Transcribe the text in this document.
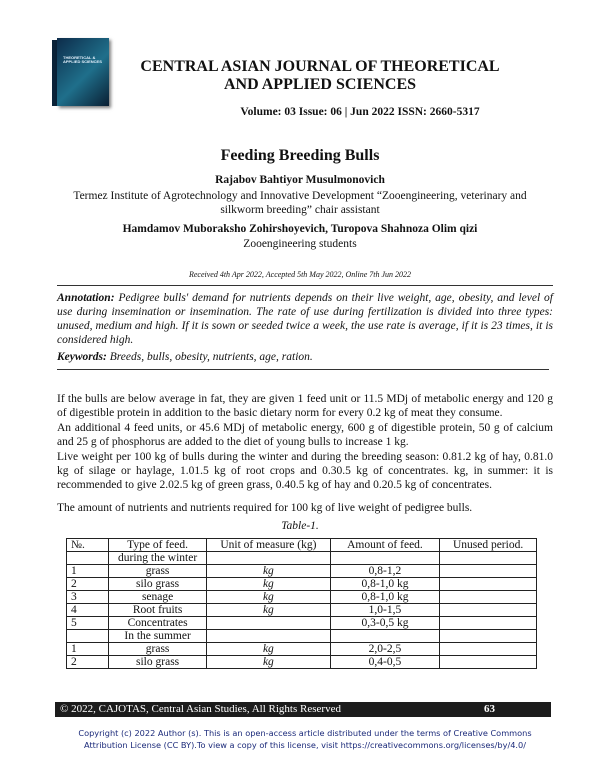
THEORETICAL & APPLIED SCIENCES	CENTRAL ASIAN JOURNAL OF THEORETICAL
AND APPLIED SCIENCES
Volume: 03 Issue: 06 | Jun 2022 ISSN: 2660-5317
Feeding Breeding Bulls
Rajabov Bahtiyor Musulmonovich
Termez Institute of Agrotechnology and Innovative Development “Zooengineering, veterinary and silkworm breeding” chair assistant
Hamdamov Muboraksho Zohirshoyevich, Turopova Shahnoza Olim qizi
Zooengineering students
Received 4th Apr 2022, Accepted 5th May 2022, Online 7th Jun 2022
Annotation: Pedigree bulls' demand for nutrients depends on their live weight, age, obesity, and level of use during insemination or insemination. The rate of use during fertilization is divided into three types: unused, medium and high. If it is sown or seeded twice a week, the use rate is average, if it is 23 times, it is considered high.
Keywords: Breeds, bulls, obesity, nutrients, age, ration.
If the bulls are below average in fat, they are given 1 feed unit or 11.5 MDj of metabolic energy and 120 g of digestible protein in addition to the basic dietary norm for every 0.2 kg of meat they consume.
An additional 4 feed units, or 45.6 MDj of metabolic energy, 600 g of digestible protein, 50 g of calcium and 25 g of phosphorus are added to the diet of young bulls to increase 1 kg.
Live weight per 100 kg of bulls during the winter and during the breeding season: 0.81.2 kg of hay, 0.81.0 kg of silage or haylage, 1.01.5 kg of root crops and 0.30.5 kg of concentrates. kg, in summer: it is recommended to give 2.02.5 kg of green grass, 0.40.5 kg of hay and 0.20.5 kg of concentrates.
The amount of nutrients and nutrients required for 100 kg of live weight of pedigree bulls.
Table-1.
№.	Type of feed.	Unit of measure (kg)	Amount of feed.	Unused period.
	during the winter			
1	grass	kg	0,8-1,2	
2	silo grass	kg	0,8-1,0 kg	
3	senage	kg	0,8-1,0 kg	
4	Root fruits	kg	1,0-1,5	
5	Concentrates		0,3-0,5 kg	
	In the summer			
1	grass	kg	2,0-2,5	
2	silo grass	kg	0,4-0,5	
© 2022, CAJOTAS, Central Asian Studies, All Rights Reserved	63
Copyright (c) 2022 Author (s). This is an open-access article distributed under the terms of Creative Commons
Attribution License (CC BY).To view a copy of this license, visit https://creativecommons.org/licenses/by/4.0/
